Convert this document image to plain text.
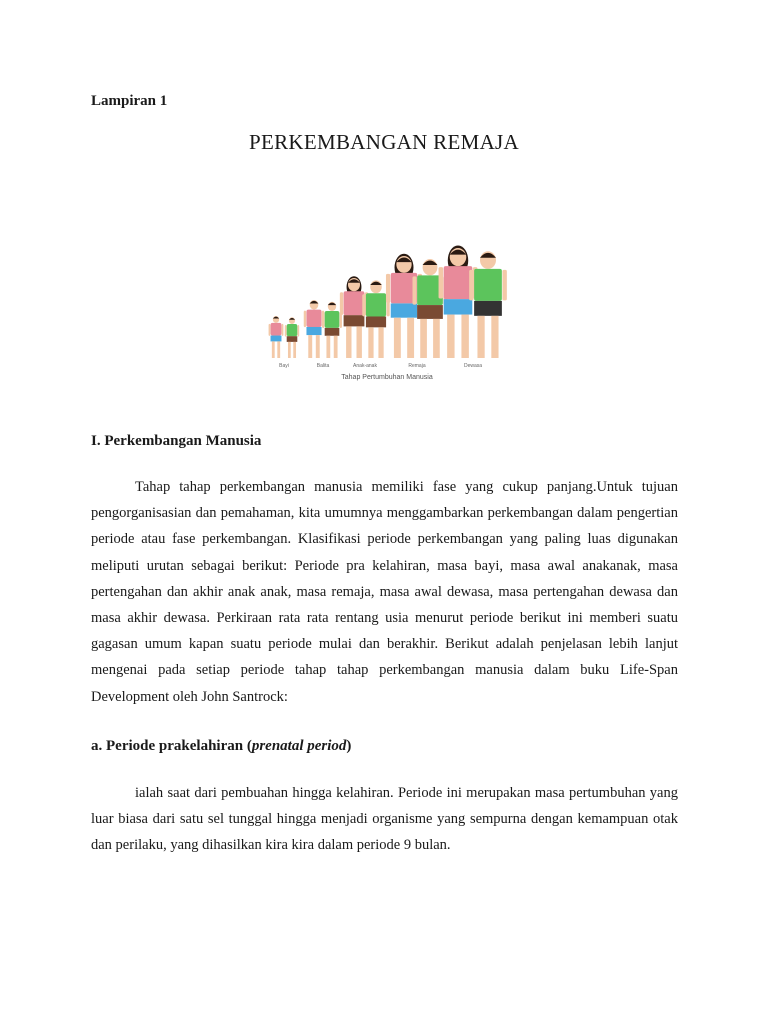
Lampiran 1
PERKEMBANGAN REMAJA
Bayi	Balita	Anak-anak	Remaja	Dewasa
Tahap Pertumbuhan Manusia
I. Perkembangan Manusia
Tahap tahap perkembangan manusia memiliki fase yang cukup panjang.Untuk tujuan pengorganisasian dan pemahaman, kita umumnya menggambarkan perkembangan dalam pengertian periode atau fase perkembangan. Klasifikasi periode perkembangan yang paling luas digunakan meliputi urutan sebagai berikut: Periode pra kelahiran, masa bayi, masa awal anakanak, masa pertengahan dan akhir anak anak, masa remaja, masa awal dewasa, masa pertengahan dewasa dan masa akhir dewasa. Perkiraan rata rata rentang usia menurut periode berikut ini memberi suatu gagasan umum kapan suatu periode mulai dan berakhir. Berikut adalah penjelasan lebih lanjut mengenai pada setiap periode tahap tahap perkembangan manusia dalam buku Life-Span Development oleh John Santrock:
a. Periode prakelahiran (prenatal period)
ialah saat dari pembuahan hingga kelahiran. Periode ini merupakan masa pertumbuhan yang luar biasa dari satu sel tunggal hingga menjadi organisme yang sempurna dengan kemampuan otak dan perilaku, yang dihasilkan kira kira dalam periode 9 bulan.
